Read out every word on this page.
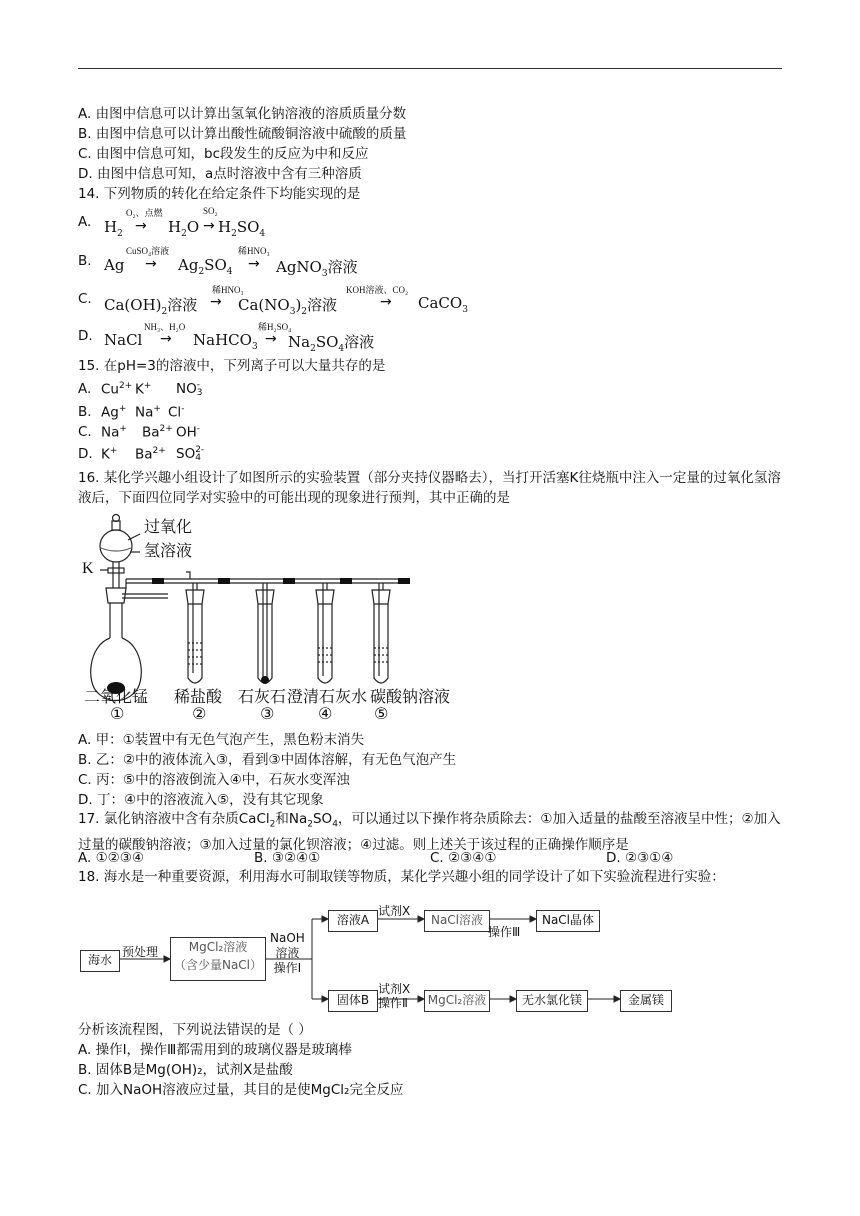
A. 由图中信息可以计算出氢氧化钠溶液的溶质质量分数
B. 由图中信息可以计算出酸性硫酸铜溶液中硫酸的质量
C. 由图中信息可知，bc段发生的反应为中和反应
D. 由图中信息可知，a点时溶液中含有三种溶质
14. 下列物质的转化在给定条件下均能实现的是
A. $H_2$
O₂、点燃
→ $H_2O$
SO₂
→ $H_2SO_4$
B. Ag
CuSO₄溶液
→ $Ag_2SO_4$
稀HNO₃
→ AgNO$_3$溶液
C. $Ca(OH)_2$溶液
稀HNO₃
→ $Ca(NO_3)_2$溶液
KOH溶液、CO₂
→ CaCO$_3$
D. NaCl
NH₃、H₂O
→ NaHCO$_3$
稀H₂SO₄
→ $Na_2SO_4$溶液
15. 在pH=3的溶液中，下列离子可以大量共存的是
A. $Cu^{2+}$ K+ NO -
3
B. Ag+ Na+ Cl-
C. Na+ $Ba^{2+}$ OH-
D. K+ $Ba^{2+}$ SO 2-
4
16. 某化学兴趣小组设计了如图所示的实验装置（部分夹持仪器略去），当打开活塞K往烧瓶中注入一定量的过氧化氢溶液后，下面四位同学对实验中的可能出现的现象进行预判，其中正确的是
过氧化
氢溶液
K
二氧化锰 稀盐酸 石灰石 澄清石灰水 碳酸钠溶液
①	②	③	④	⑤
A. 甲：①装置中有无色气泡产生，黑色粉末消失
B. 乙：②中的液体流入③，看到③中固体溶解，有无色气泡产生
C. 丙：⑤中的溶液倒流入④中，石灰水变浑浊
D. 丁：④中的溶液流入⑤，没有其它现象
17. 氯化钠溶液中含有杂质CaCl$_2$和$Na_2SO_4$，可以通过以下操作将杂质除去：①加入适量的盐酸至溶液呈中性；②加入过量的碳酸钠溶液；③加入过量的氯化钡溶液；④过滤。则上述关于该过程的正确操作顺序是
A. ①②③④	B. ③②④①	C. ②③④①	D. ②③①④
18. 海水是一种重要资源，利用海水可制取镁等物质，某化学兴趣小组的同学设计了如下实验流程进行实验：
海水
预处理	MgCl₂溶液
（含少量NaCl）
NaOH
溶液
操作Ⅰ
溶液A
试剂X
NaCl溶液
操作Ⅲ
NaCl晶体
固体B
试剂X
操作Ⅱ	MgCl₂溶液	无水氯化镁	金属镁
分析该流程图，下列说法错误的是（ ）
A. 操作Ⅰ，操作Ⅲ都需用到的玻璃仪器是玻璃棒
B. 固体B是Mg(OH)₂，试剂X是盐酸
C. 加入NaOH溶液应过量，其目的是使MgCl₂完全反应
